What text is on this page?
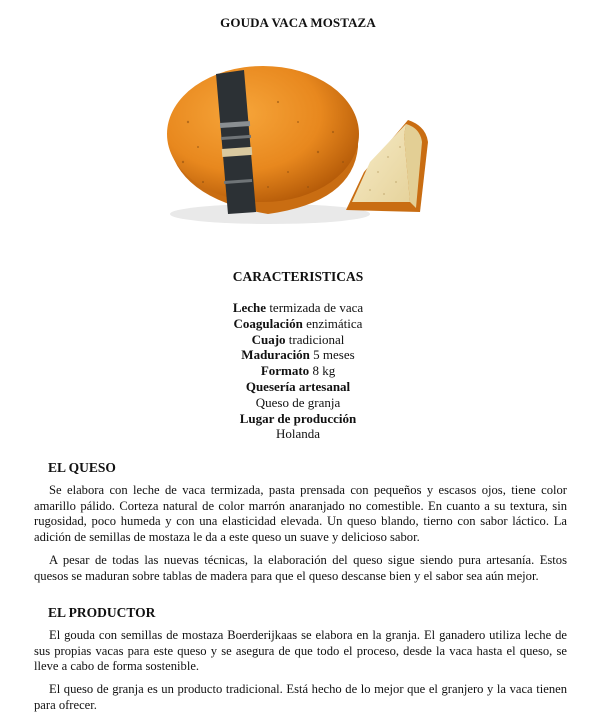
GOUDA VACA MOSTAZA
CARACTERISTICAS
Leche termizada de vaca
Coagulación enzimática
Cuajo tradicional
Maduración 5 meses
Formato 8 kg
Quesería artesanal
Queso de granja
Lugar de producción
Holanda
EL QUESO
Se elabora con leche de vaca termizada, pasta prensada con pequeños y escasos ojos, tiene color amarillo pálido. Corteza natural de color marrón anaranjado no comestible. En cuanto a su textura, sin rugosidad, poco humeda y con una elasticidad elevada. Un queso blando, tierno con sabor láctico. La adición de semillas de mostaza le da a este queso un suave y delicioso sabor.
A pesar de todas las nuevas técnicas, la elaboración del queso sigue siendo pura artesanía. Estos quesos se maduran sobre tablas de madera para que el queso descanse bien y el sabor sea aún mejor.
EL PRODUCTOR
El gouda con semillas de mostaza Boerderijkaas se elabora en la granja. El ganadero utiliza leche de sus propias vacas para este queso y se asegura de que todo el proceso, desde la vaca hasta el queso, se lleve a cabo de forma sostenible.
El queso de granja es un producto tradicional. Está hecho de lo mejor que el granjero y la vaca tienen para ofrecer.
